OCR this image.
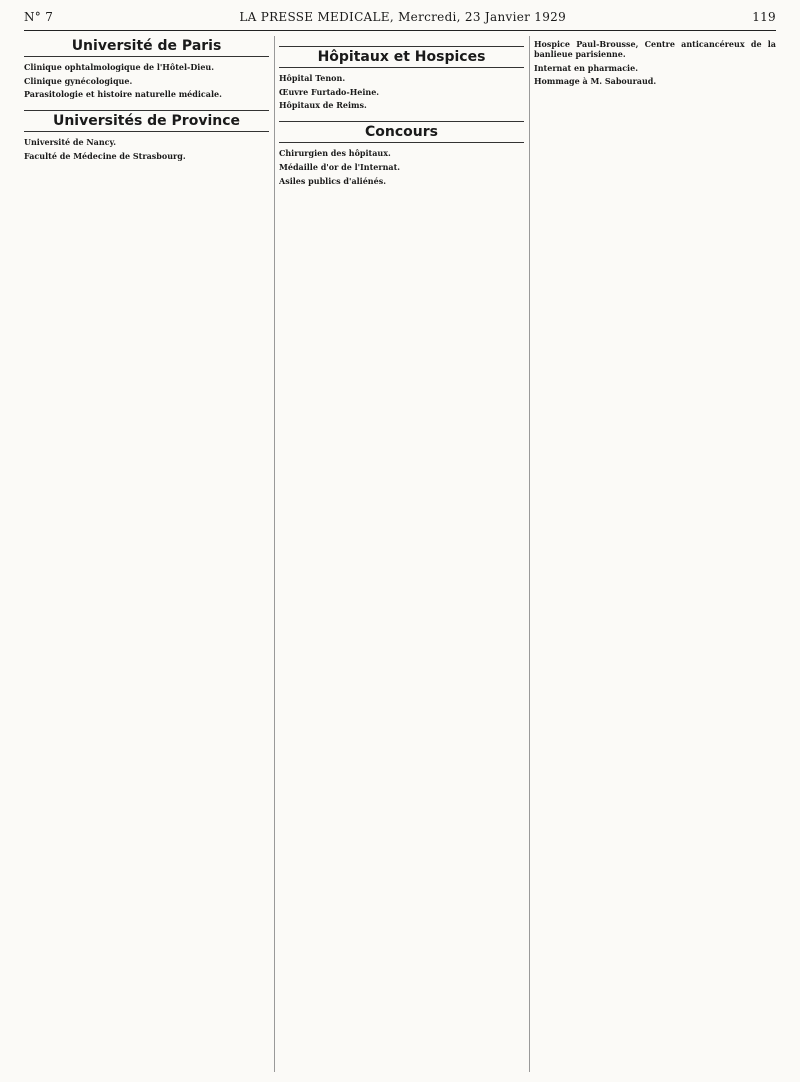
N° 7	LA PRESSE MEDICALE, Mercredi, 23 Janvier 1929	119
Université de Paris
Clinique ophtalmologique de l'Hôtel-Dieu.
Clinique gynécologique.
Parasitologie et histoire naturelle médicale.
Universités de Province
Université de Nancy.
Faculté de Médecine de Strasbourg.
Hôpitaux et Hospices
Hôpital Tenon.
Œuvre Furtado-Heine.
Hôpitaux de Reims.
Concours
Chirurgien des hôpitaux.
Médaille d'or de l'Internat.
Asiles publics d'aliénés.
Hospice Paul-Brousse, Centre anticancéreux de la banlieue parisienne.
Internat en pharmacie.
Hommage à M. Sabouraud.
